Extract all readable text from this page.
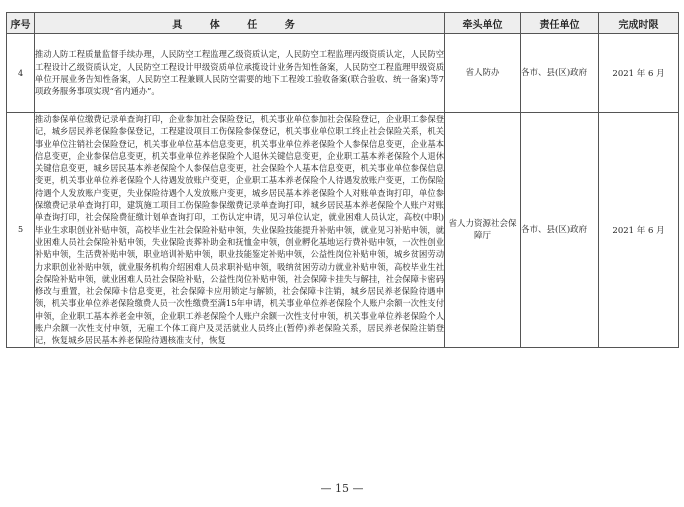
序号	具 体 任 务	牵头单位	责任单位	完成时限
4	推动人防工程质量监督手续办理，人民防空工程监理乙级资质认定，人民防空工程监理丙级资质认定，人民防空工程设计乙级资质认定，人民防空工程设计甲级资质单位承揽设计业务告知性备案，人民防空工程监理甲级资质单位开展业务告知性备案，人民防空工程兼顾人民防空需要的地下工程竣工验收备案(联合验收、统一备案)等7项政务服务事项实现“省内通办”。	省人防办	各市、县(区)政府	2021 年 6 月
5	推动参保单位缴费记录单查询打印，企业参加社会保险登记，机关事业单位参加社会保险登记，企业职工参保登记，城乡居民养老保险参保登记，工程建设项目工伤保险参保登记，机关事业单位职工终止社会保险关系，机关事业单位注销社会保险登记，机关事业单位基本信息变更，机关事业单位养老保险个人参保信息变更，企业基本信息变更，企业参保信息变更，机关事业单位养老保险个人退休关键信息变更，企业职工基本养老保险个人退休关键信息变更，城乡居民基本养老保险个人参保信息变更，社会保险个人基本信息变更，机关事业单位参保信息变更，机关事业单位养老保险个人待遇发放账户变更，企业职工基本养老保险个人待遇发放账户变更，工伤保险待遇个人发放账户变更，失业保险待遇个人发放账户变更，城乡居民基本养老保险个人对账单查询打印，单位参保缴费记录单查询打印，建筑施工项目工伤保险参保缴费记录单查询打印，城乡居民基本养老保险个人账户对账单查询打印，社会保险费征缴计划单查询打印，工伤认定申请，见习单位认定，就业困难人员认定，高校(中职)毕业生求职创业补贴申领，高校毕业生社会保险补贴申领，失业保险技能提升补贴申领，就业见习补贴申领，就业困难人员社会保险补贴申领，失业保险丧葬补助金和抚恤金申领，创业孵化基地运行费补贴申领，一次性创业补贴申领，生活费补贴申领，职业培训补贴申领，职业技能鉴定补贴申领，公益性岗位补贴申领，城乡贫困劳动力求职创业补贴申领，就业服务机构介绍困难人员求职补贴申领，吸纳贫困劳动力就业补贴申领，高校毕业生社会保险补贴申领，就业困难人员社会保险补贴，公益性岗位补贴申领，社会保障卡挂失与解挂，社会保障卡密码修改与重置，社会保障卡信息变更，社会保障卡应用锁定与解锁，社会保障卡注销，城乡居民养老保险待遇申领，机关事业单位养老保险缴费人员一次性缴费至满15年申请，机关事业单位养老保险个人账户余额一次性支付申领，企业职工基本养老金申领，企业职工养老保险个人账户余额一次性支付申领，机关事业单位养老保险个人账户余额一次性支付申领，无雇工个体工商户及灵活就业人员终止(暂停)养老保险关系，居民养老保险注销登记，恢复城乡居民基本养老保险待遇核准支付，恢复	省人力资源社会保障厅	各市、县(区)政府	2021 年 6 月
— 15 —
